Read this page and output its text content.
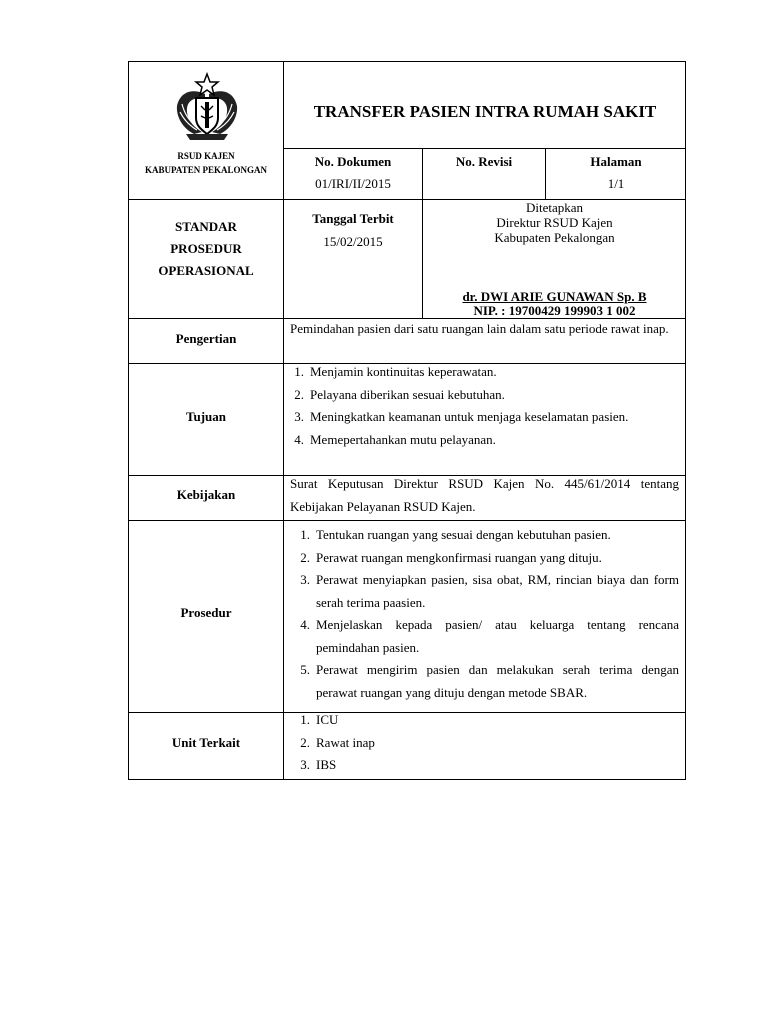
RSUD KAJEN
KABUPATEN PEKALONGAN
TRANSFER PASIEN INTRA RUMAH SAKIT
No. Dokumen
01/IRI/II/2015
No. Revisi	Halaman
1/1
STANDAR
PROSEDUR
OPERASIONAL
Tanggal Terbit
15/02/2015
Ditetapkan
Direktur RSUD Kajen
Kabupaten Pekalongan
dr. DWI ARIE GUNAWAN Sp. B
NIP. : 19700429 199903 1 002
Pengertian
Pemindahan pasien dari satu ruangan lain dalam satu periode rawat inap.
Tujuan
1. Menjamin kontinuitas keperawatan.
2. Pelayana diberikan sesuai kebutuhan.
3. Meningkatkan keamanan untuk menjaga keselamatan pasien.
4. Memepertahankan mutu pelayanan.
Kebijakan
Surat Keputusan Direktur RSUD Kajen No. 445/61/2014 tentang Kebijakan Pelayanan RSUD Kajen.
Prosedur
1. Tentukan ruangan yang sesuai dengan kebutuhan pasien.
2. Perawat ruangan mengkonfirmasi ruangan yang dituju.
3. Perawat menyiapkan pasien, sisa obat, RM, rincian biaya dan form serah terima paasien.
4. Menjelaskan kepada pasien/ atau keluarga tentang rencana pemindahan pasien.
5. Perawat mengirim pasien dan melakukan serah terima dengan perawat ruangan yang dituju dengan metode SBAR.
Unit Terkait
1. ICU
2. Rawat inap
3. IBS
